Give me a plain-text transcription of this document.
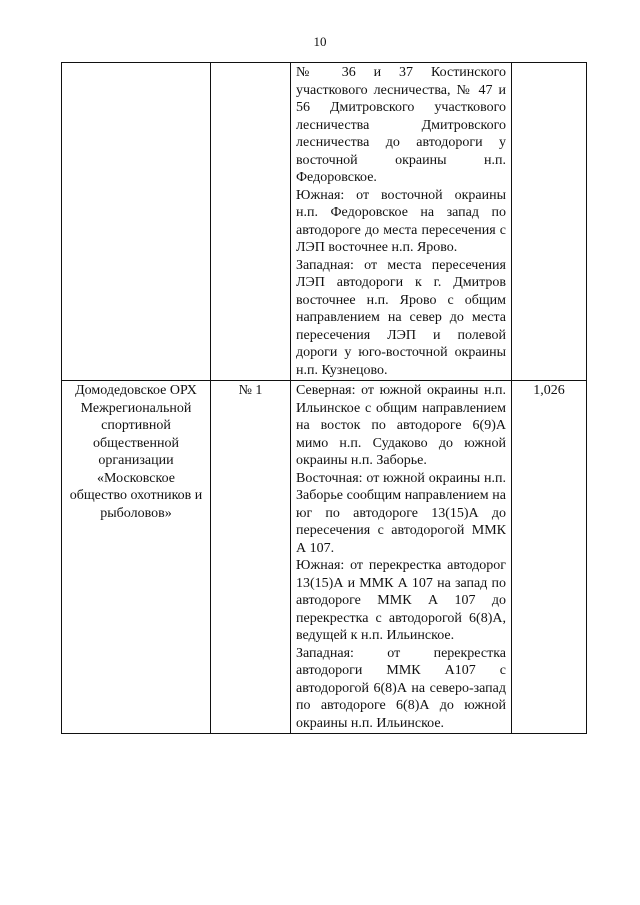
10

		№ 36 и 37 Костинского участкового лесничества, № 47 и 56 Дмитровского участкового лесничества Дмитровского лесничества до автодороги у восточной окраины н.п. Федоровское.

Южная: от восточной окраины н.п. Федоровское на запад по автодороге до места пересечения с ЛЭП восточнее н.п. Ярово.

Западная: от места пересечения ЛЭП автодороги к г. Дмитров восточнее н.п. Ярово с общим направлением на север до места пересечения ЛЭП и полевой дороги у юго-восточной окраины н.п. Кузнецово.	

Домодедовское ОРХ Межрегиональной спортивной общественной организации «Московское общество охотников и рыболовов»	№ 1	Северная: от южной окраины н.п. Ильинское с общим направлением на восток по автодороге 6(9)А мимо н.п. Судаково до южной окраины н.п. Заборье.

Восточная: от южной окраины н.п. Заборье сообщим направлением на юг по автодороге 13(15)А до пересечения с автодорогой ММК А 107.

Южная: от перекрестка автодорог 13(15)А и ММК А 107 на запад по автодороге ММК А 107 до перекрестка с автодорогой 6(8)А, ведущей к н.п. Ильинское.

Западная: от перекрестка автодороги ММК А107 с автодорогой 6(8)А на северо-запад по автодороге 6(8)А до южной окраины н.п. Ильинское.	1,026
